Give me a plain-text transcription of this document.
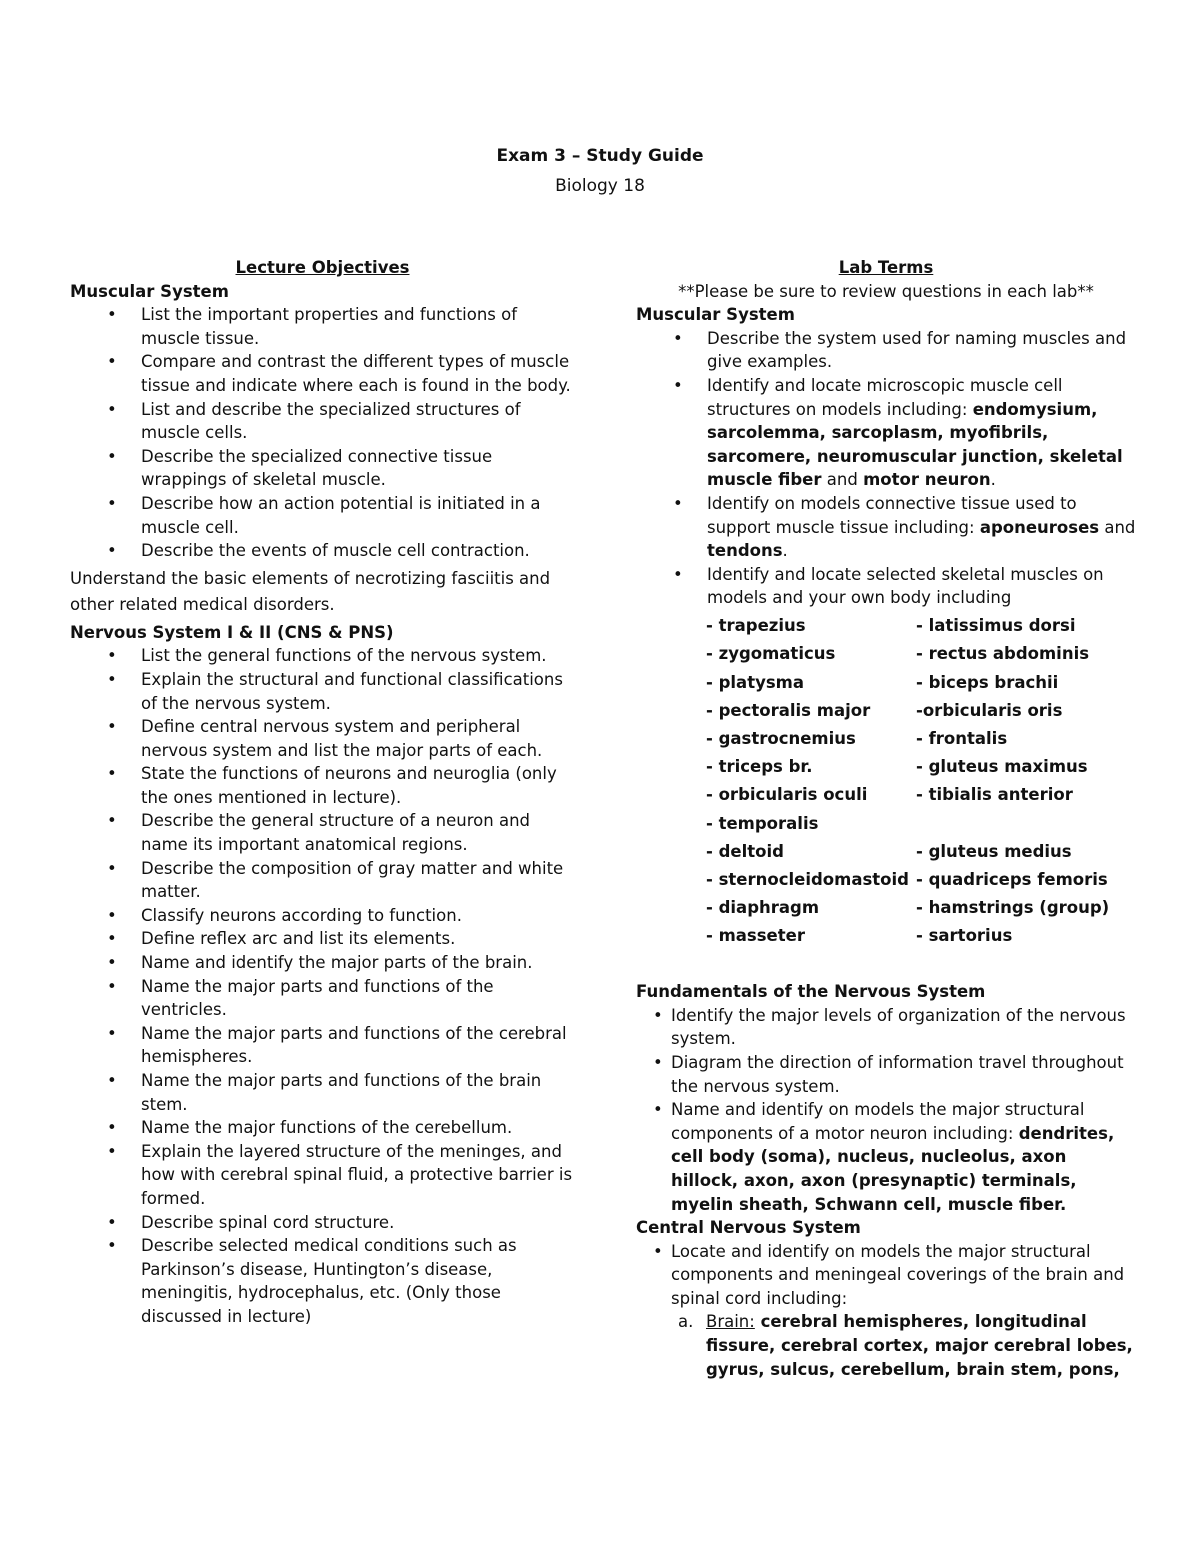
Exam 3 – Study Guide
Biology 18
Lecture Objectives
Muscular System
• List the important properties and functions of muscle tissue.
• Compare and contrast the different types of muscle tissue and indicate where each is found in the body.
• List and describe the specialized structures of muscle cells.
• Describe the specialized connective tissue wrappings of skeletal muscle.
• Describe how an action potential is initiated in a muscle cell.
• Describe the events of muscle cell contraction.
Understand the basic elements of necrotizing fasciitis and other related medical disorders.
Nervous System I & II (CNS & PNS)
• List the general functions of the nervous system.
• Explain the structural and functional classifications of the nervous system.
• Define central nervous system and peripheral nervous system and list the major parts of each.
• State the functions of neurons and neuroglia (only the ones mentioned in lecture).
• Describe the general structure of a neuron and name its important anatomical regions.
• Describe the composition of gray matter and white matter.
• Classify neurons according to function.
• Define reflex arc and list its elements.
• Name and identify the major parts of the brain.
• Name the major parts and functions of the ventricles.
• Name the major parts and functions of the cerebral hemispheres.
• Name the major parts and functions of the brain stem.
• Name the major functions of the cerebellum.
• Explain the layered structure of the meninges, and how with cerebral spinal fluid, a protective barrier is formed.
• Describe spinal cord structure.
• Describe selected medical conditions such as Parkinson’s disease, Huntington’s disease, meningitis, hydrocephalus, etc. (Only those discussed in lecture)
Lab Terms
**Please be sure to review questions in each lab**
Muscular System
• Describe the system used for naming muscles and give examples.
• Identify and locate microscopic muscle cell structures on models including: endomysium, sarcolemma, sarcoplasm, myofibrils, sarcomere, neuromuscular junction, skeletal muscle fiber and motor neuron.
• Identify on models connective tissue used to support muscle tissue including: aponeuroses and tendons.
• Identify and locate selected skeletal muscles on models and your own body including
- trapezius	- latissimus dorsi
- zygomaticus	- rectus abdominis
- platysma	- biceps brachii
- pectoralis major	-orbicularis oris
- gastrocnemius	- frontalis
- triceps br.	- gluteus maximus
- orbicularis oculi	- tibialis anterior
- temporalis
- deltoid	- gluteus medius
- sternocleidomastoid - quadriceps femoris
- diaphragm	- hamstrings (group)
- masseter	- sartorius
Fundamentals of the Nervous System
• Identify the major levels of organization of the nervous system.
• Diagram the direction of information travel throughout the nervous system.
• Name and identify on models the major structural components of a motor neuron including: dendrites, cell body (soma), nucleus, nucleolus, axon hillock, axon, axon (presynaptic) terminals, myelin sheath, Schwann cell, muscle fiber.
Central Nervous System
• Locate and identify on models the major structural components and meningeal coverings of the brain and spinal cord including:
a. Brain: cerebral hemispheres, longitudinal fissure, cerebral cortex, major cerebral lobes, gyrus, sulcus, cerebellum, brain stem, pons,
